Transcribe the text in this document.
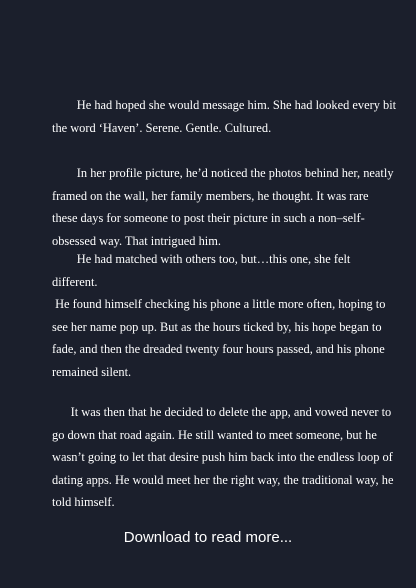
He had hoped she would message him. She had looked every bit
the word ‘Haven’. Serene. Gentle. Cultured.

In her profile picture, he’d noticed the photos behind her, neatly
framed on the wall, her family members, he thought. It was rare
these days for someone to post their picture in such a non–self-
obsessed way. That intrigued him.

He had matched with others too, but…this one, she felt
different.
He found himself checking his phone a little more often, hoping to
see her name pop up. But as the hours ticked by, his hope began to
fade, and then the dreaded twenty four hours passed, and his phone
remained silent.

It was then that he decided to delete the app, and vowed never to
go down that road again. He still wanted to meet someone, but he
wasn’t going to let that desire push him back into the endless loop of
dating apps. He would meet her the right way, the traditional way, he
told himself.

Download to read more...
